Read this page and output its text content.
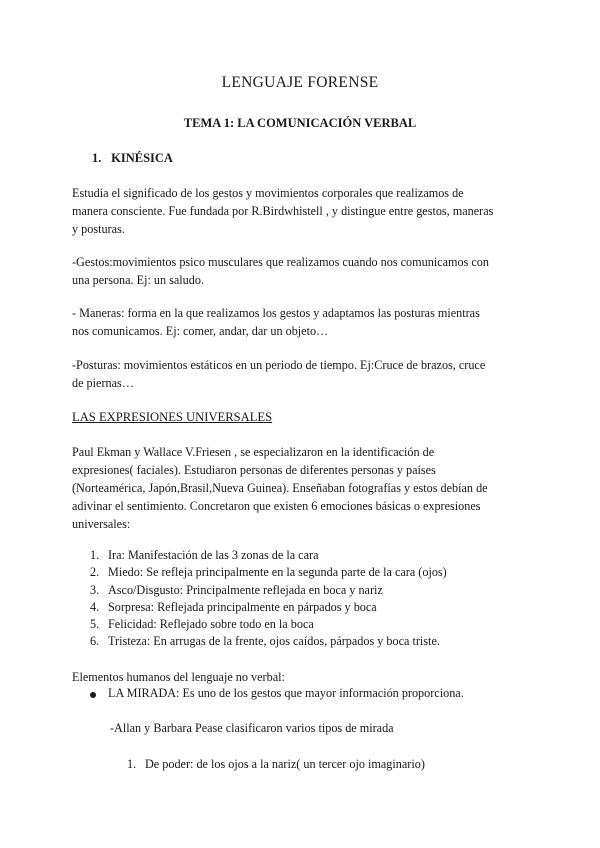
LENGUAJE FORENSE
TEMA 1: LA COMUNICACIÓN VERBAL
1. KINÉSICA

Estudia el significado de los gestos y movimientos corporales que realizamos de
manera consciente. Fue fundada por R.Birdwhistell , y distingue entre gestos, maneras
y posturas.

-Gestos:movimientos psico musculares que realizamos cuando nos comunicamos con
una persona. Ej: un saludo.

- Maneras: forma en la que realizamos los gestos y adaptamos las posturas mientras
nos comunicamos. Ej: comer, andar, dar un objeto…

-Posturas: movimientos estáticos en un periodo de tiempo. Ej:Cruce de brazos, cruce
de piernas…

LAS EXPRESIONES UNIVERSALES

Paul Ekman y Wallace V.Friesen , se especializaron en la identificación de
expresiones( faciales). Estudiaron personas de diferentes personas y países
(Norteamérica, Japón,Brasil,Nueva Guinea). Enseñaban fotografías y estos debían de
adivinar el sentimiento. Concretaron que existen 6 emociones básicas o expresiones
universales:

1. Ira: Manifestación de las 3 zonas de la cara
2. Miedo: Se refleja principalmente en la segunda parte de la cara (ojos)
3. Asco/Disgusto: Principalmente reflejada en boca y nariz
4. Sorpresa: Reflejada principalmente en párpados y boca
5. Felicidad: Reflejado sobre todo en la boca
6. Tristeza: En arrugas de la frente, ojos caídos, párpados y boca triste.
Elementos humanos del lenguaje no verbal:
LA MIRADA: Es uno de los gestos que mayor información proporciona.
-Allan y Barbara Pease clasificaron varios tipos de mirada
1. De poder: de los ojos a la nariz( un tercer ojo imaginario)
